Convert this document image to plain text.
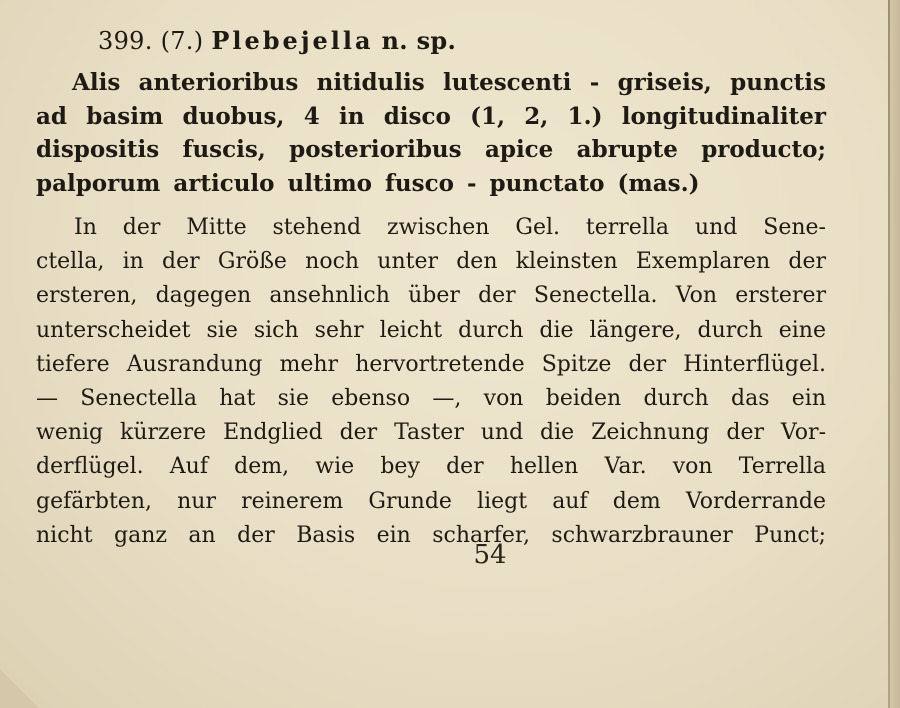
399. (7.) Plebejella n. sp.
Alis anterioribus nitidulis lutescenti - griseis, punctis
ad basim duobus, 4 in disco (1, 2, 1.) longitudinaliter
dispositis fuscis, posterioribus apice abrupte producto;
palporum articulo ultimo fusco - punctato (mas.)
In der Mitte stehend zwischen Gel. terrella und Sene-
ctella, in der Größe noch unter den kleinsten Exemplaren der
ersteren, dagegen ansehnlich über der Senectella. Von ersterer
unterscheidet sie sich sehr leicht durch die längere, durch eine
tiefere Ausrandung mehr hervortretende Spitze der Hinterflügel.
— Senectella hat sie ebenso —, von beiden durch das ein
wenig kürzere Endglied der Taster und die Zeichnung der Vor-
derflügel. Auf dem, wie bey der hellen Var. von Terrella
gefärbten, nur reinerem Grunde liegt auf dem Vorderrande
nicht ganz an der Basis ein scharfer, schwarzbrauner Punct;
54
